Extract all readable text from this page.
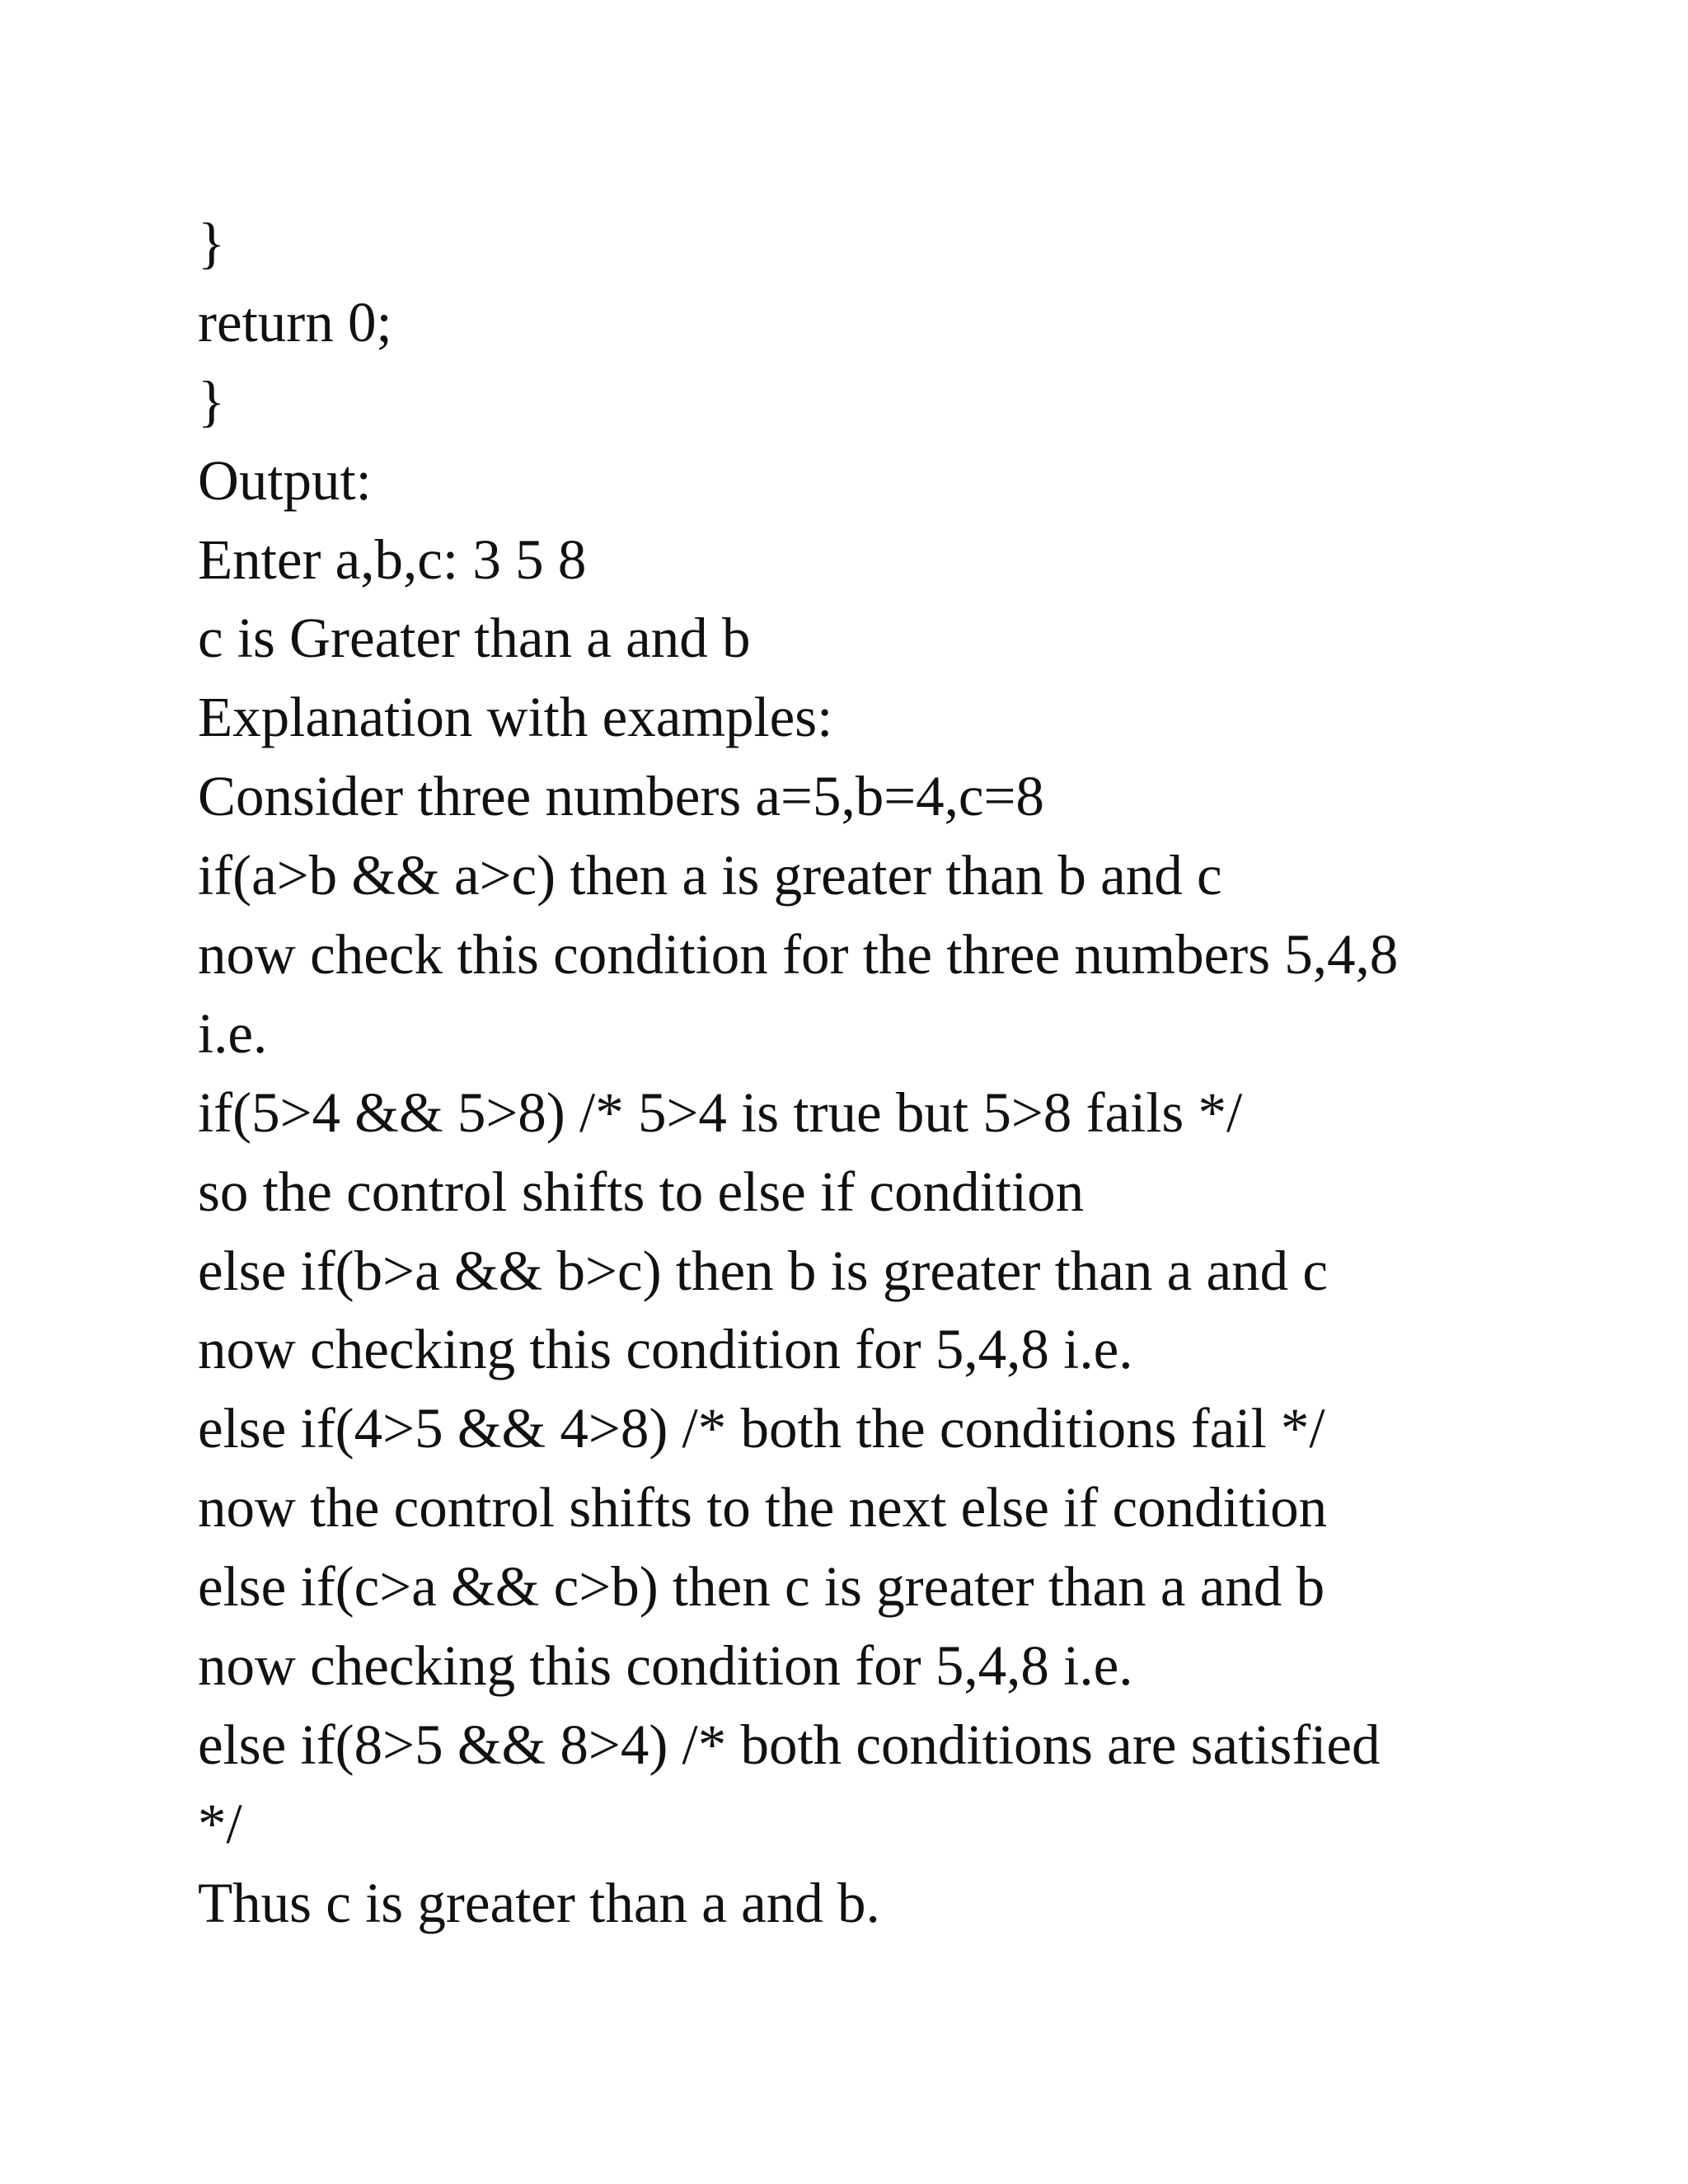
}
return 0;
}
Output:
Enter a,b,c: 3 5 8
c is Greater than a and b
Explanation with examples:
Consider three numbers a=5,b=4,c=8
if(a>b && a>c) then a is greater than b and c
now check this condition for the three numbers 5,4,8
i.e.
if(5>4 && 5>8) /* 5>4 is true but 5>8 fails */
so the control shifts to else if condition
else if(b>a && b>c) then b is greater than a and c
now checking this condition for 5,4,8 i.e.
else if(4>5 && 4>8) /* both the conditions fail */
now the control shifts to the next else if condition
else if(c>a && c>b) then c is greater than a and b
now checking this condition for 5,4,8 i.e.
else if(8>5 && 8>4) /* both conditions are satisfied
*/
Thus c is greater than a and b.
